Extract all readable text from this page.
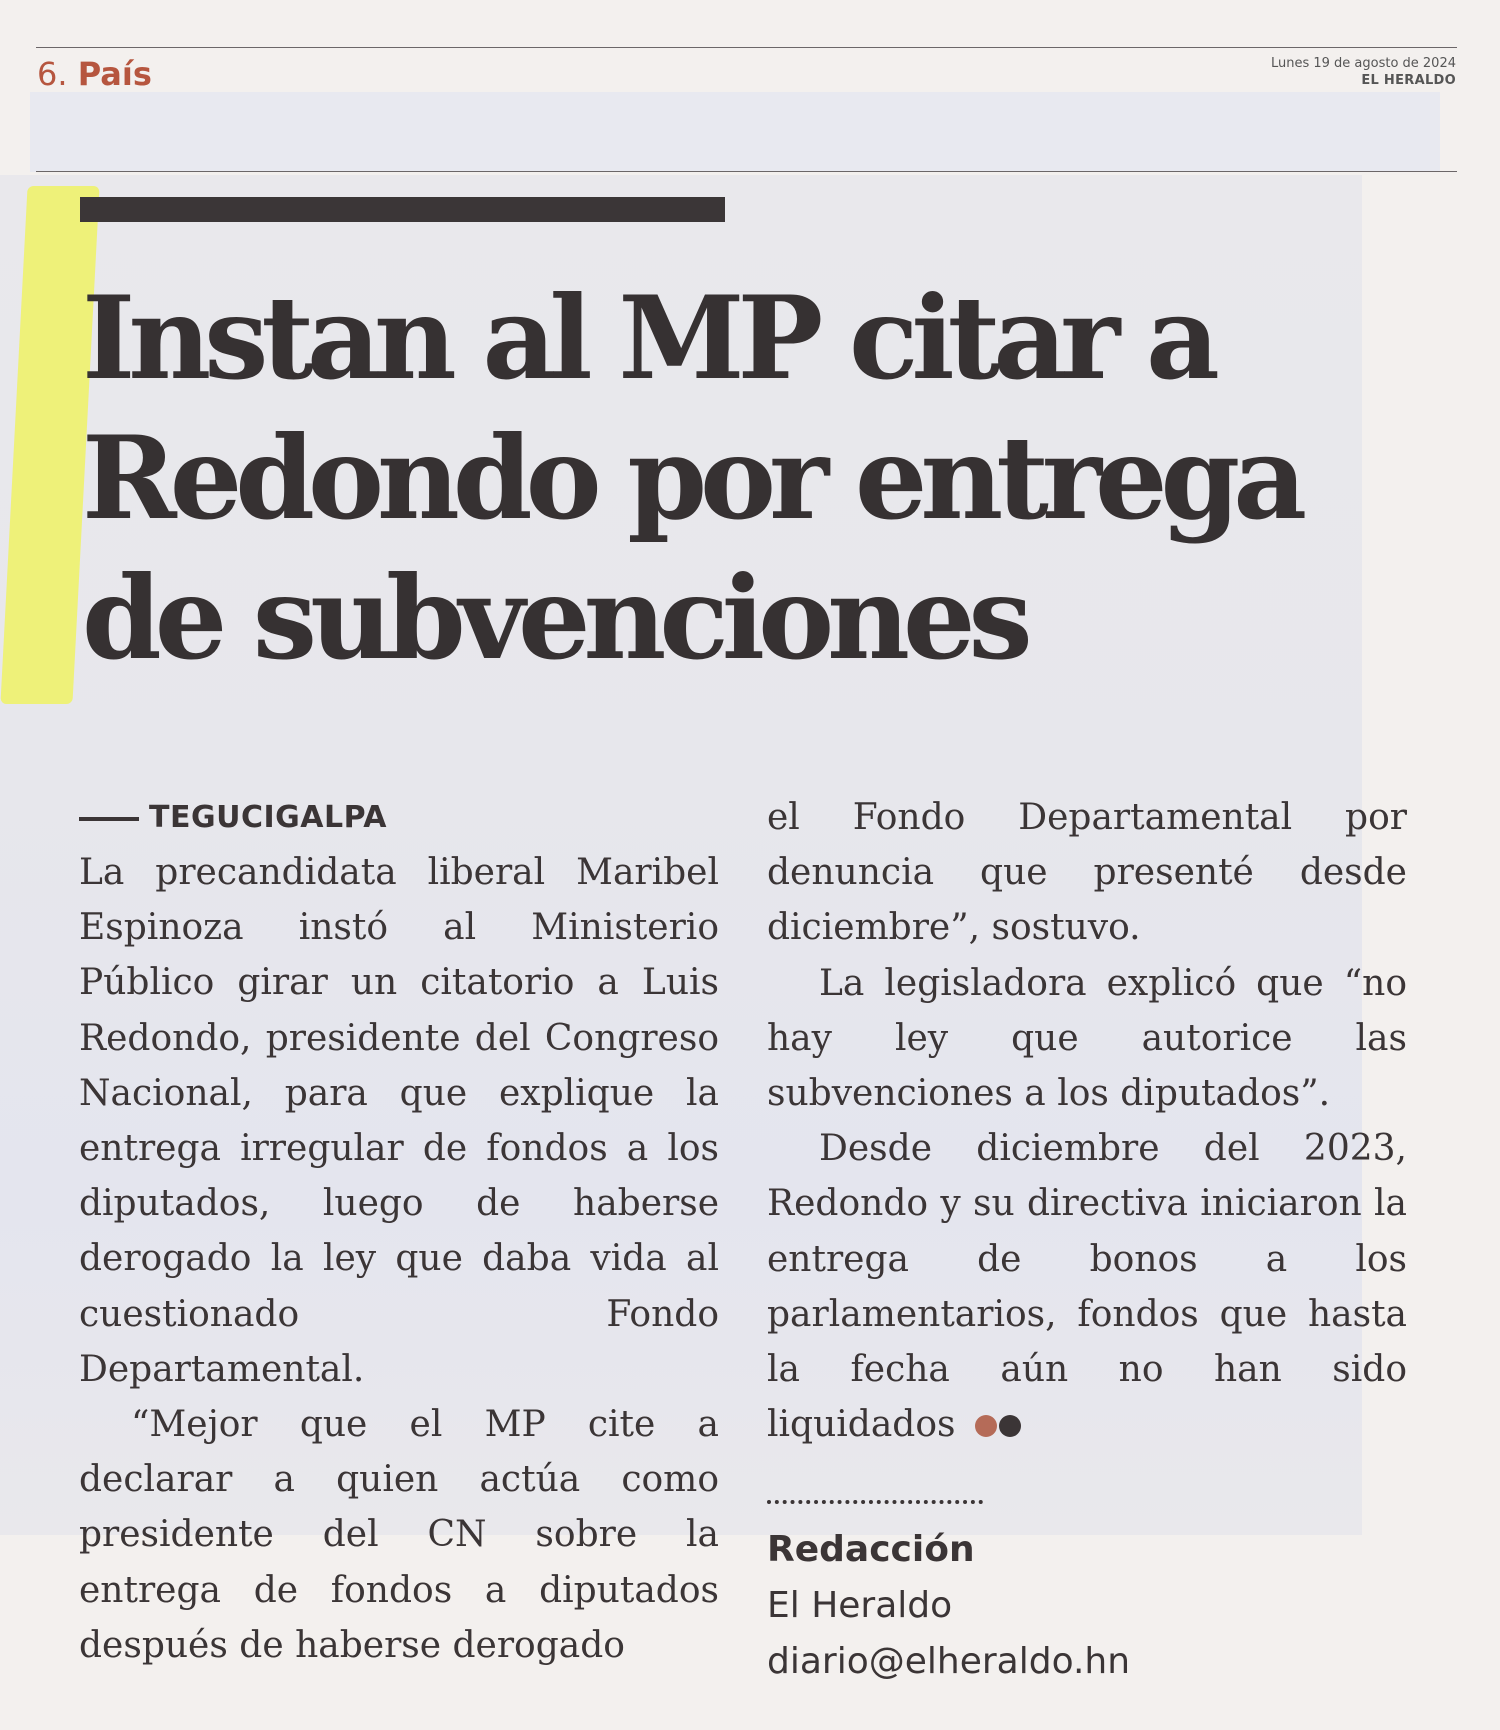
6. País	Lunes 19 de agosto de 2024
EL HERALDO
Instan al MP citar a Redondo por entrega de subvenciones
TEGUCIGALPA

La precandidata liberal Maribel Espinoza instó al Ministerio Público girar un citatorio a Luis Redondo, presidente del Congreso Nacional, para que explique la entrega irregular de fondos a los diputados, luego de haberse derogado la ley que daba vida al cuestionado Fondo Departamental.

“Mejor que el MP cite a declarar a quien actúa como presidente del CN sobre la entrega de fondos a diputados después de haberse derogado

el Fondo Departamental por denuncia que presenté desde diciembre”, sostuvo.

La legisladora explicó que “no hay ley que autorice las subvenciones a los diputados”.

Desde diciembre del 2023, Redondo y su directiva iniciaron la entrega de bonos a los parlamentarios, fondos que hasta la fecha aún no han sido liquidados

Redacción
El Heraldo
diario@elheraldo.hn
